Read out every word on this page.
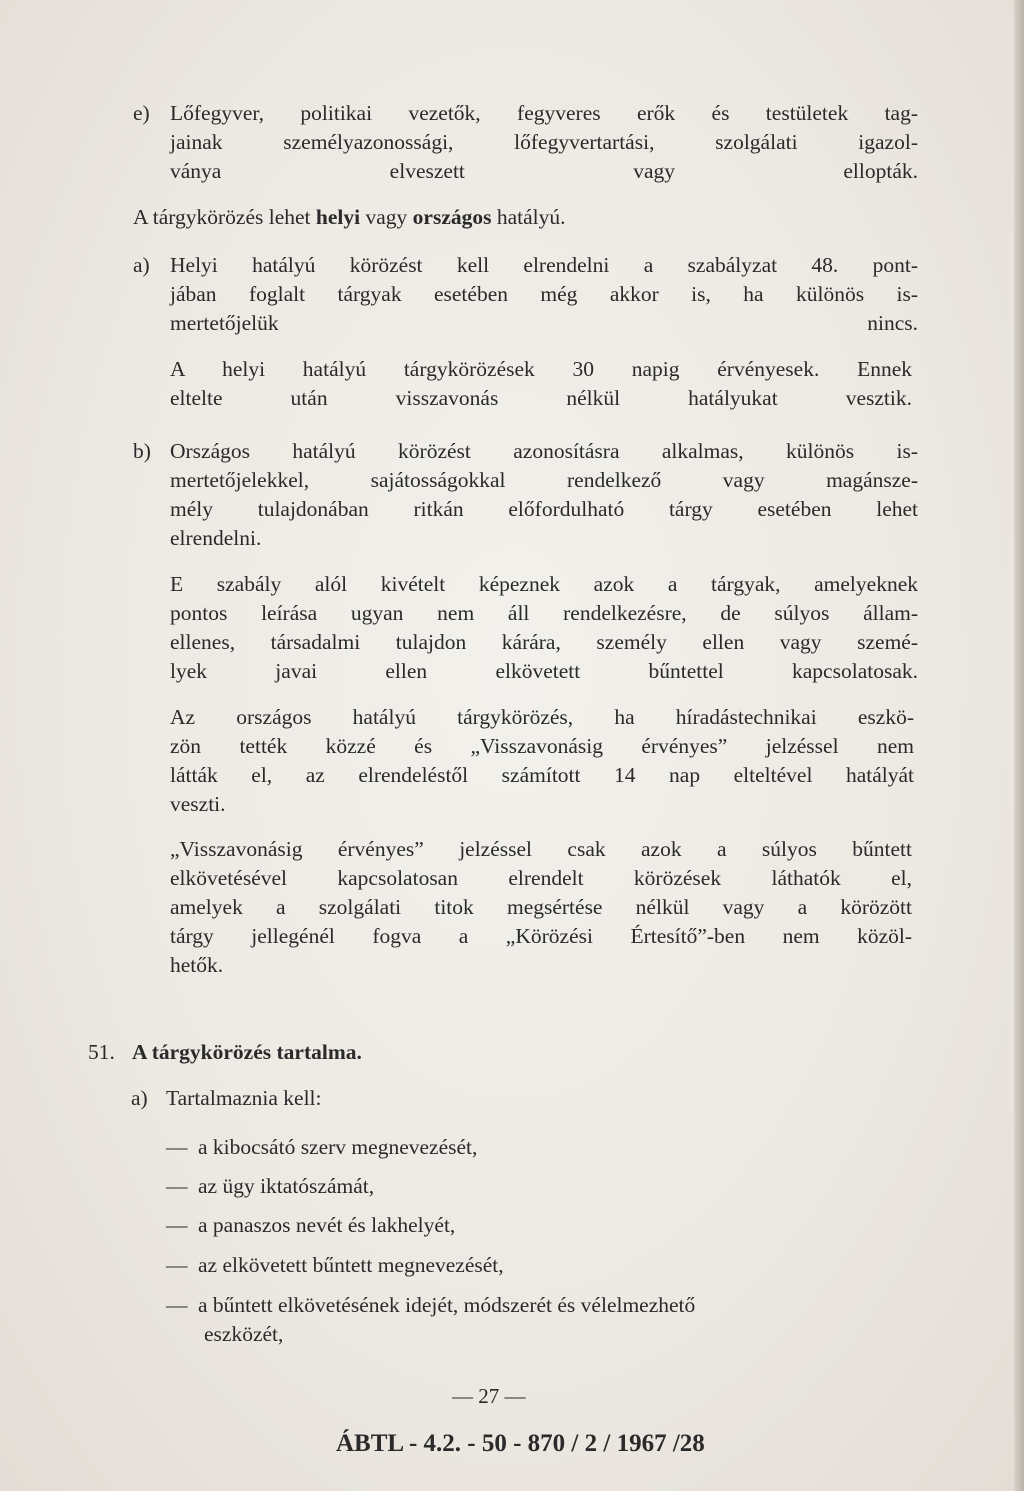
e) Lőfegyver, politikai vezetők, fegyveres erők és testületek tag-
jainak személyazonossági, lőfegyvertartási, szolgálati igazol-
ványa elveszett vagy ellopták.
A tárgykörözés lehet helyi vagy országos hatályú.
a) Helyi hatályú körözést kell elrendelni a szabályzat 48. pont-
jában foglalt tárgyak esetében még akkor is, ha különös is-
mertetőjelük nincs.
A helyi hatályú tárgykörözések 30 napig érvényesek. Ennek
eltelte után visszavonás nélkül hatályukat vesztik.
b) Országos hatályú körözést azonosításra alkalmas, különös is-
mertetőjelekkel, sajátosságokkal rendelkező vagy magánsze-
mély tulajdonában ritkán előfordulható tárgy esetében lehet
elrendelni.
E szabály alól kivételt képeznek azok a tárgyak, amelyeknek
pontos leírása ugyan nem áll rendelkezésre, de súlyos állam-
ellenes, társadalmi tulajdon kárára, személy ellen vagy szemé-
lyek javai ellen elkövetett bűntettel kapcsolatosak.
Az országos hatályú tárgykörözés, ha híradástechnikai eszkö-
zön tették közzé és „Visszavonásig érvényes” jelzéssel nem
látták el, az elrendeléstől számított 14 nap elteltével hatályát
veszti.
„Visszavonásig érvényes” jelzéssel csak azok a súlyos bűntett
elkövetésével kapcsolatosan elrendelt körözések láthatók el,
amelyek a szolgálati titok megsértése nélkül vagy a körözött
tárgy jellegénél fogva a „Körözési Értesítő”-ben nem közöl-
hetők.
51. A tárgykörözés tartalma.
a) Tartalmaznia kell:
— a kibocsátó szerv megnevezését,
— az ügy iktatószámát,
— a panaszos nevét és lakhelyét,
— az elkövetett bűntett megnevezését,
— a bűntett elkövetésének idejét, módszerét és vélelmezhető
eszközét,
— 27 —
ÁBTL - 4.2. - 50 - 870 / 2 / 1967 /28
